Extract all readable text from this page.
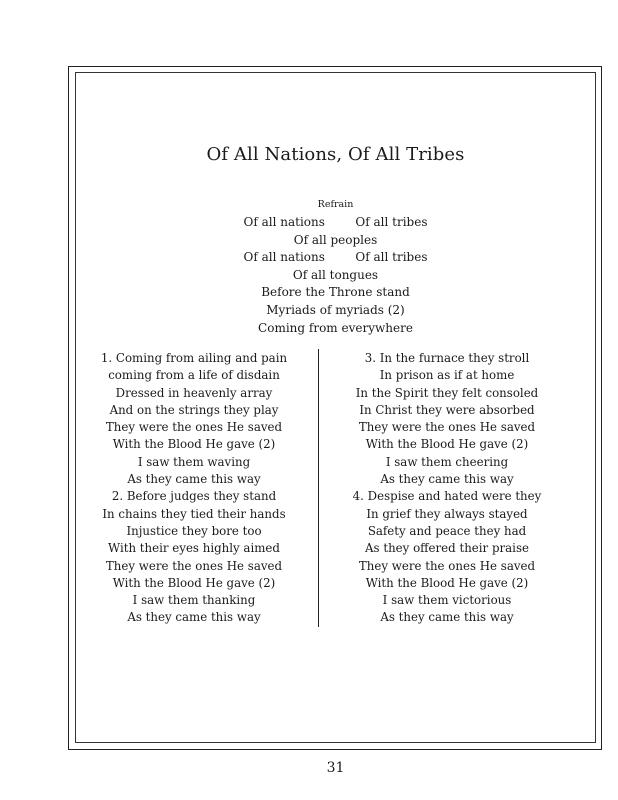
Of All Nations, Of All Tribes
Refrain
Of all nations        Of all tribes
Of all peoples
Of all nations        Of all tribes
Of all tongues
Before the Throne stand
Myriads of myriads (2)
Coming from everywhere
1. Coming from ailing and pain
coming from a life of disdain
Dressed in heavenly array
And on the strings they play
They were the ones He saved
With the Blood He gave (2)
I saw them waving
As they came this way
2. Before judges they stand
In chains they tied their hands
Injustice they bore too
With their eyes highly aimed
They were the ones He saved
With the Blood He gave (2)
I saw them thanking
As they came this way
3. In the furnace they stroll
In prison as if at home
In the Spirit they felt consoled
In Christ they were absorbed
They were the ones He saved
With the Blood He gave (2)
I saw them cheering
As they came this way
4. Despise and hated were they
In grief they always stayed
Safety and peace they had
As they offered their praise
They were the ones He saved
With the Blood He gave (2)
I saw them victorious
As they came this way
31
